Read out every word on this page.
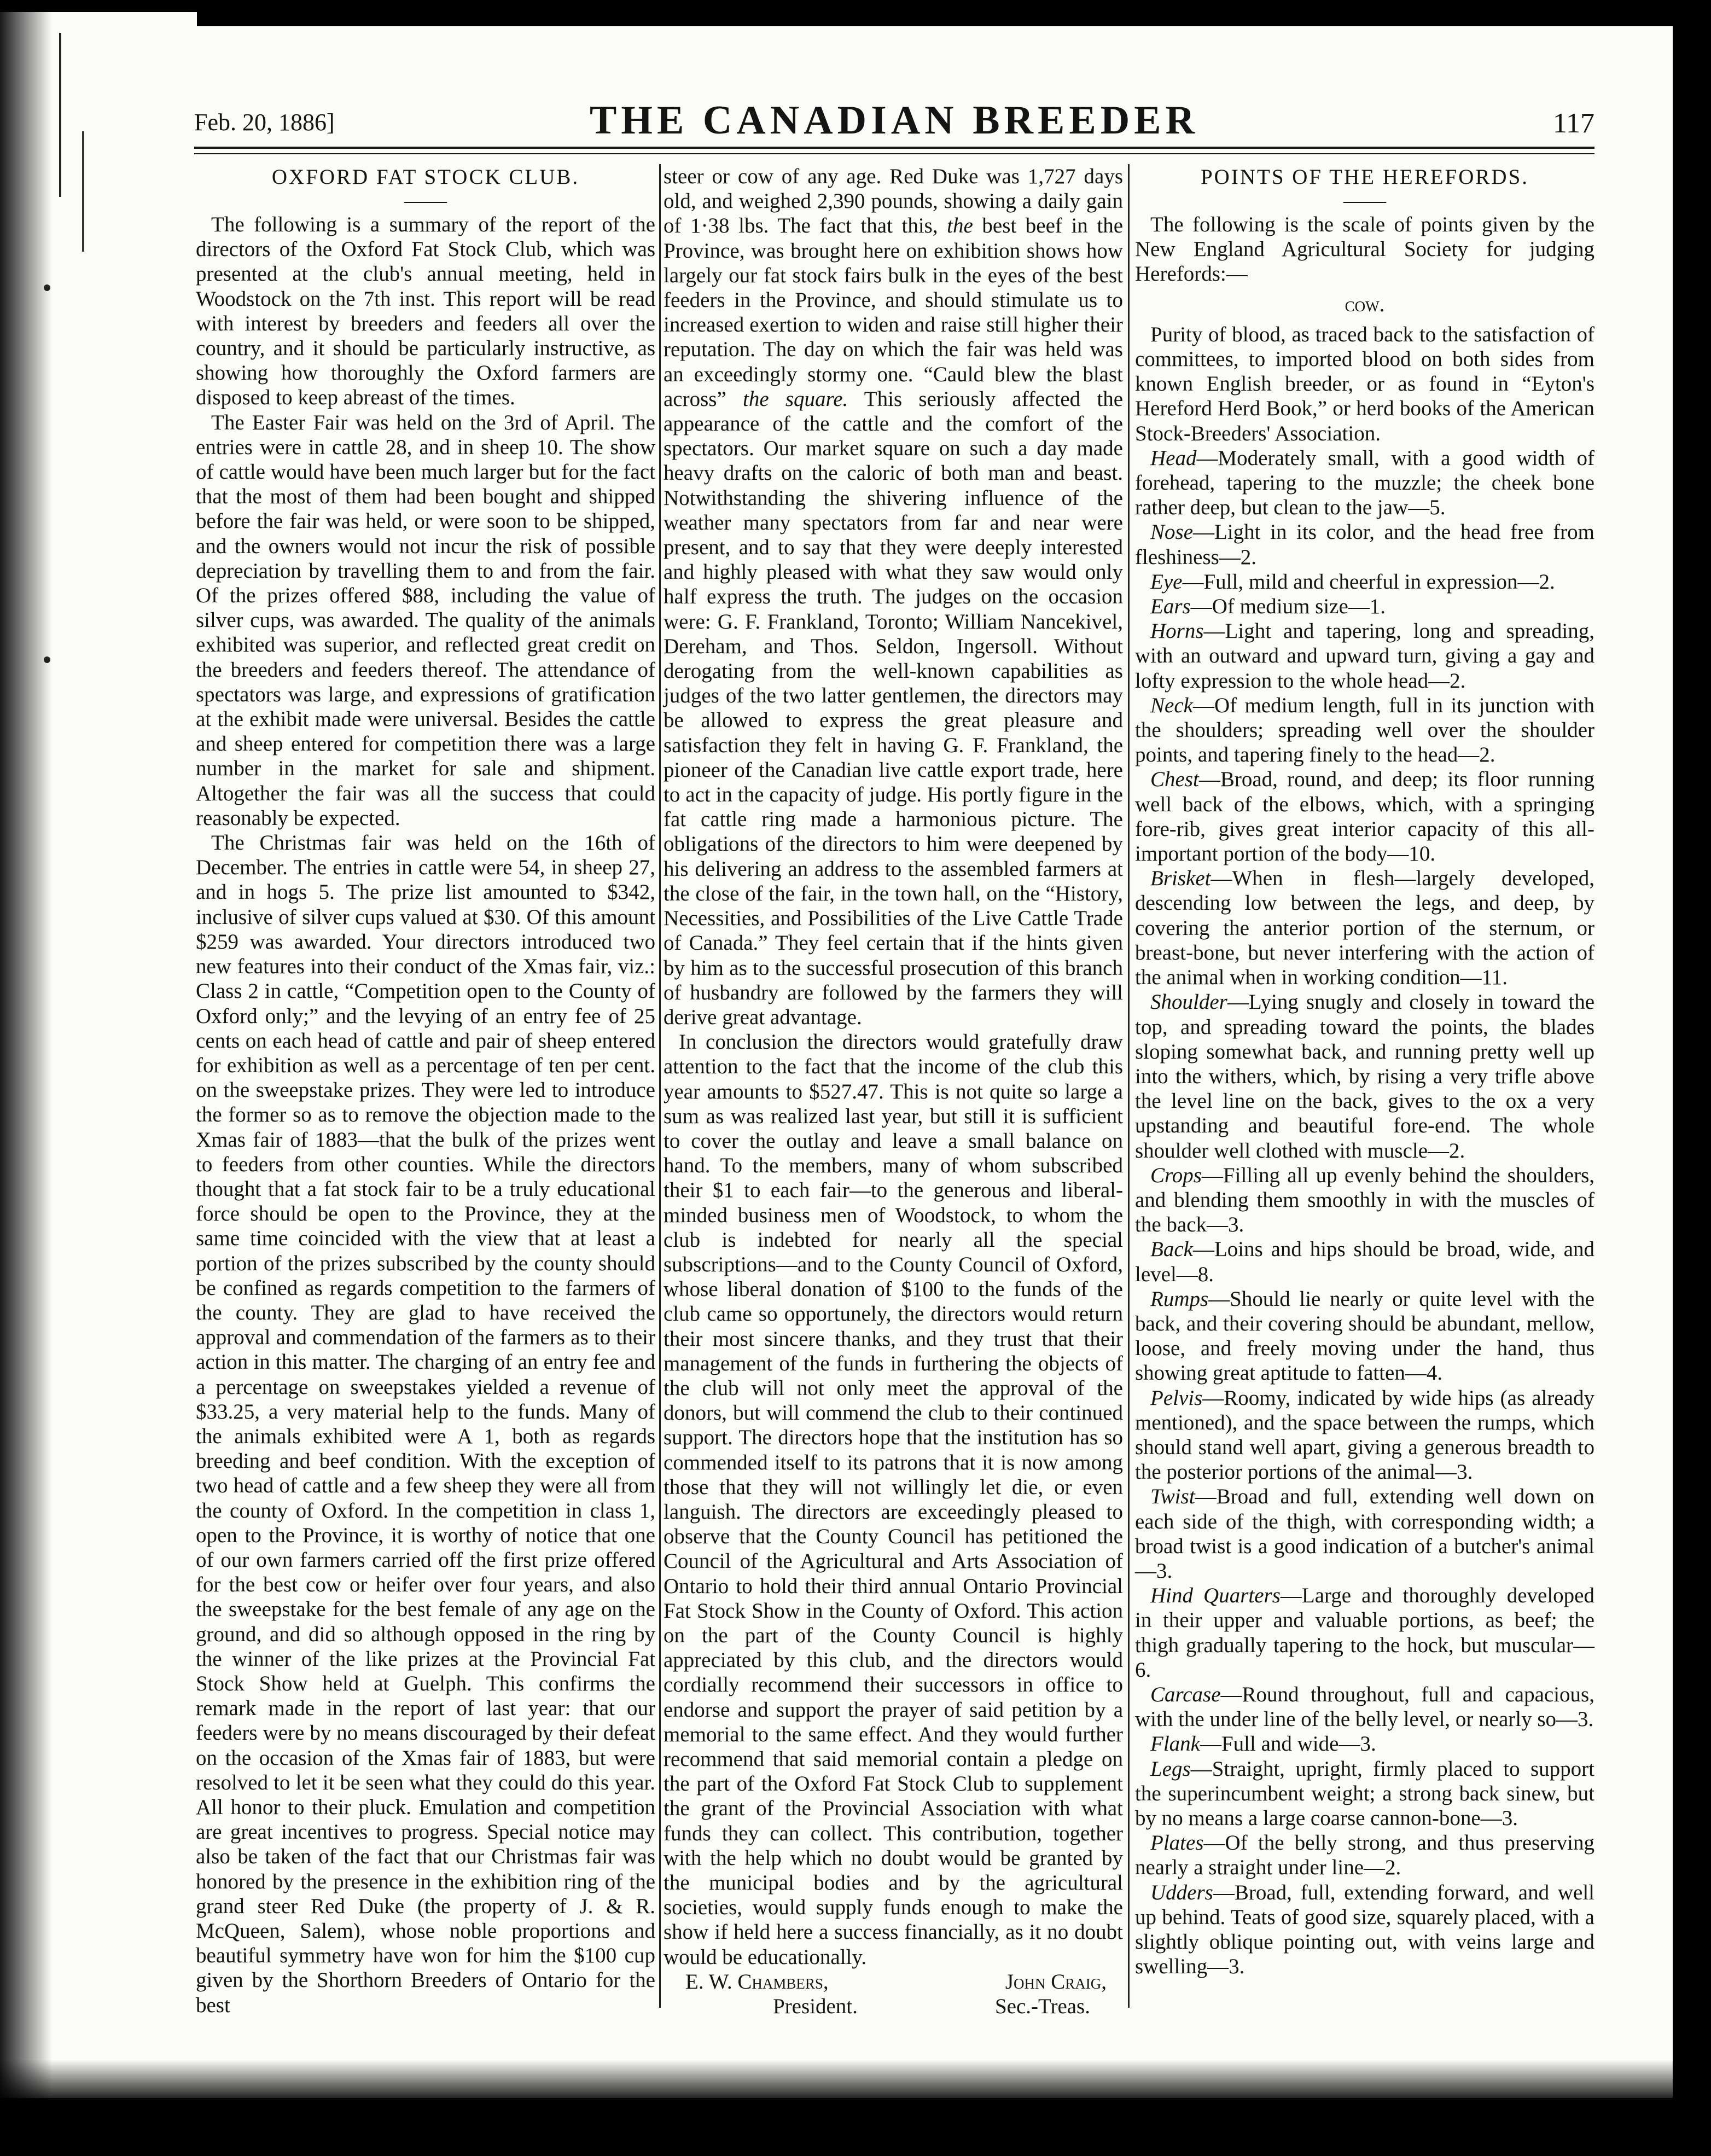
Feb. 20, 1886]	THE CANADIAN BREEDER	117
OXFORD FAT STOCK CLUB.
——

The following is a summary of the report of the directors of the Oxford Fat Stock Club, which was presented at the club's annual meeting, held in Woodstock on the 7th inst. This report will be read with interest by breeders and feeders all over the country, and it should be particularly instructive, as showing how thoroughly the Oxford farmers are disposed to keep abreast of the times.

The Easter Fair was held on the 3rd of April. The entries were in cattle 28, and in sheep 10. The show of cattle would have been much larger but for the fact that the most of them had been bought and shipped before the fair was held, or were soon to be shipped, and the owners would not incur the risk of possible depreciation by travelling them to and from the fair. Of the prizes offered $88, including the value of silver cups, was awarded. The quality of the animals exhibited was superior, and reflected great credit on the breeders and feeders thereof. The attendance of spectators was large, and expressions of gratification at the exhibit made were universal. Besides the cattle and sheep entered for competition there was a large number in the market for sale and shipment. Altogether the fair was all the success that could reasonably be expected.

The Christmas fair was held on the 16th of December. The entries in cattle were 54, in sheep 27, and in hogs 5. The prize list amounted to $342, inclusive of silver cups valued at $30. Of this amount $259 was awarded. Your directors introduced two new features into their conduct of the Xmas fair, viz.: Class 2 in cattle, “Competition open to the County of Oxford only;” and the levying of an entry fee of 25 cents on each head of cattle and pair of sheep entered for exhibition as well as a percentage of ten per cent. on the sweepstake prizes. They were led to introduce the former so as to remove the objection made to the Xmas fair of 1883—that the bulk of the prizes went to feeders from other counties. While the directors thought that a fat stock fair to be a truly educational force should be open to the Province, they at the same time coincided with the view that at least a portion of the prizes subscribed by the county should be confined as regards competition to the farmers of the county. They are glad to have received the approval and commendation of the farmers as to their action in this matter. The charging of an entry fee and a percentage on sweepstakes yielded a revenue of $33.25, a very material help to the funds. Many of the animals exhibited were A 1, both as regards breeding and beef condition. With the exception of two head of cattle and a few sheep they were all from the county of Oxford. In the competition in class 1, open to the Province, it is worthy of notice that one of our own farmers carried off the first prize offered for the best cow or heifer over four years, and also the sweepstake for the best female of any age on the ground, and did so although opposed in the ring by the winner of the like prizes at the Provincial Fat Stock Show held at Guelph. This confirms the remark made in the report of last year: that our feeders were by no means discouraged by their defeat on the occasion of the Xmas fair of 1883, but were resolved to let it be seen what they could do this year. All honor to their pluck. Emulation and competition are great incentives to progress. Special notice may also be taken of the fact that our Christmas fair was honored by the presence in the exhibition ring of the grand steer Red Duke (the property of J. & R. McQueen, Salem), whose noble proportions and beautiful symmetry have won for him the $100 cup given by the Shorthorn Breeders of Ontario for the best

steer or cow of any age. Red Duke was 1,727 days old, and weighed 2,390 pounds, showing a daily gain of 1·38 lbs. The fact that this, the best beef in the Province, was brought here on exhibition shows how largely our fat stock fairs bulk in the eyes of the best feeders in the Province, and should stimulate us to increased exertion to widen and raise still higher their reputation. The day on which the fair was held was an exceedingly stormy one. “Cauld blew the blast across” the square. This seriously affected the appearance of the cattle and the comfort of the spectators. Our market square on such a day made heavy drafts on the caloric of both man and beast. Notwithstanding the shivering influence of the weather many spectators from far and near were present, and to say that they were deeply interested and highly pleased with what they saw would only half express the truth. The judges on the occasion were: G. F. Frankland, Toronto; William Nancekivel, Dereham, and Thos. Seldon, Ingersoll. Without derogating from the well-known capabilities as judges of the two latter gentlemen, the directors may be allowed to express the great pleasure and satisfaction they felt in having G. F. Frankland, the pioneer of the Canadian live cattle export trade, here to act in the capacity of judge. His portly figure in the fat cattle ring made a harmonious picture. The obligations of the directors to him were deepened by his delivering an address to the assembled farmers at the close of the fair, in the town hall, on the “History, Necessities, and Possibilities of the Live Cattle Trade of Canada.” They feel certain that if the hints given by him as to the successful prosecution of this branch of husbandry are followed by the farmers they will derive great advantage.

In conclusion the directors would gratefully draw attention to the fact that the income of the club this year amounts to $527.47. This is not quite so large a sum as was realized last year, but still it is sufficient to cover the outlay and leave a small balance on hand. To the members, many of whom subscribed their $1 to each fair—to the generous and liberal-minded business men of Woodstock, to whom the club is indebted for nearly all the special subscriptions—and to the County Council of Oxford, whose liberal donation of $100 to the funds of the club came so opportunely, the directors would return their most sincere thanks, and they trust that their management of the funds in furthering the objects of the club will not only meet the approval of the donors, but will commend the club to their continued support. The directors hope that the institution has so commended itself to its patrons that it is now among those that they will not willingly let die, or even languish. The directors are exceedingly pleased to observe that the County Council has petitioned the Council of the Agricultural and Arts Association of Ontario to hold their third annual Ontario Provincial Fat Stock Show in the County of Oxford. This action on the part of the County Council is highly appreciated by this club, and the directors would cordially recommend their successors in office to endorse and support the prayer of said petition by a memorial to the same effect. And they would further recommend that said memorial contain a pledge on the part of the Oxford Fat Stock Club to supplement the grant of the Provincial Association with what funds they can collect. This contribution, together with the help which no doubt would be granted by the municipal bodies and by the agricultural societies, would supply funds enough to make the show if held here a success financially, as it no doubt would be educationally.

E. W. Chambers,	John Craig,
President.	Sec.-Treas.
POINTS OF THE HEREFORDS.
——

The following is the scale of points given by the New England Agricultural Society for judging Herefords:—

cow.

Purity of blood, as traced back to the satisfaction of committees, to imported blood on both sides from known English breeder, or as found in “Eyton's Hereford Herd Book,” or herd books of the American Stock-Breeders' Association.

Head—Moderately small, with a good width of forehead, tapering to the muzzle; the cheek bone rather deep, but clean to the jaw—5.

Nose—Light in its color, and the head free from fleshiness—2.

Eye—Full, mild and cheerful in expression—2.

Ears—Of medium size—1.

Horns—Light and tapering, long and spreading, with an outward and upward turn, giving a gay and lofty expression to the whole head—2.

Neck—Of medium length, full in its junction with the shoulders; spreading well over the shoulder points, and tapering finely to the head—2.

Chest—Broad, round, and deep; its floor running well back of the elbows, which, with a springing fore-rib, gives great interior capacity of this all-important portion of the body—10.

Brisket—When in flesh—largely developed, descending low between the legs, and deep, by covering the anterior portion of the sternum, or breast-bone, but never interfering with the action of the animal when in working condition—11.

Shoulder—Lying snugly and closely in toward the top, and spreading toward the points, the blades sloping somewhat back, and running pretty well up into the withers, which, by rising a very trifle above the level line on the back, gives to the ox a very upstanding and beautiful fore-end. The whole shoulder well clothed with muscle—2.

Crops—Filling all up evenly behind the shoulders, and blending them smoothly in with the muscles of the back—3.

Back—Loins and hips should be broad, wide, and level—8.

Rumps—Should lie nearly or quite level with the back, and their covering should be abundant, mellow, loose, and freely moving under the hand, thus showing great aptitude to fatten—4.

Pelvis—Roomy, indicated by wide hips (as already mentioned), and the space between the rumps, which should stand well apart, giving a generous breadth to the posterior portions of the animal—3.

Twist—Broad and full, extending well down on each side of the thigh, with corresponding width; a broad twist is a good indication of a butcher's animal—3.

Hind Quarters—Large and thoroughly developed in their upper and valuable portions, as beef; the thigh gradually tapering to the hock, but muscular—6.

Carcase—Round throughout, full and capacious, with the under line of the belly level, or nearly so—3.

Flank—Full and wide—3.

Legs—Straight, upright, firmly placed to support the superincumbent weight; a strong back sinew, but by no means a large coarse cannon-bone—3.

Plates—Of the belly strong, and thus preserving nearly a straight under line—2.

Udders—Broad, full, extending forward, and well up behind. Teats of good size, squarely placed, with a slightly oblique pointing out, with veins large and swelling—3.
